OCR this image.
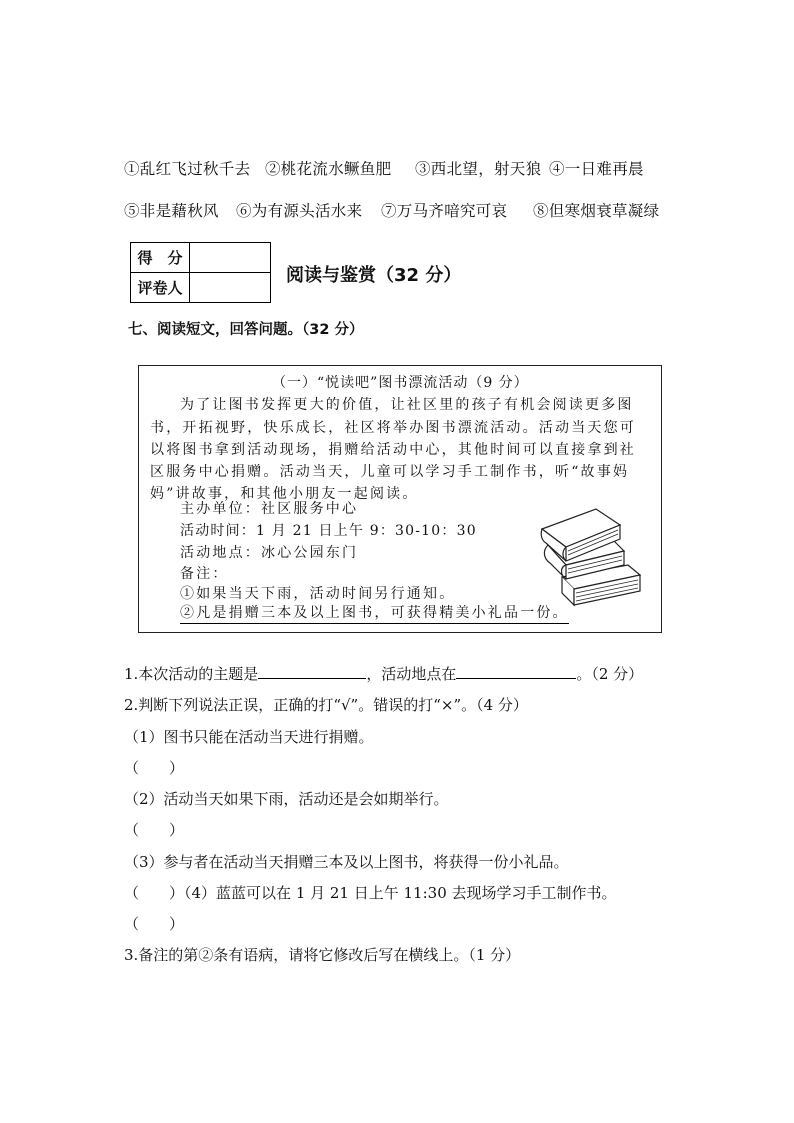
①乱红飞过秋千去 ②桃花流水鳜鱼肥 ③西北望，射天狼 ④一日难再晨
⑤非是藉秋风 ⑥为有源头活水来 ⑦万马齐喑究可哀 ⑧但寒烟衰草凝绿
得　分	
评卷人	
阅读与鉴赏（32 分）
七、阅读短文，回答问题。（32 分）
（一）“悦读吧”图书漂流活动（9 分）
为了让图书发挥更大的价值，让社区里的孩子有机会阅读更多图
书，开拓视野，快乐成长，社区将举办图书漂流活动。活动当天您可
以将图书拿到活动现场，捐赠给活动中心，其他时间可以直接拿到社
区服务中心捐赠。活动当天，儿童可以学习手工制作书，听“故事妈
妈”讲故事，和其他小朋友一起阅读。
主办单位：社区服务中心
活动时间：1 月 21 日上午 9：30-10：30
活动地点：冰心公园东门
备注：
①如果当天下雨，活动时间另行通知。
②凡是捐赠三本及以上图书，可获得精美小礼品一份。
1.本次活动的主题是	，活动地点在	。（2 分）
2.判断下列说法正误，正确的打“√”。错误的打“×”。（4 分）
（1）图书只能在活动当天进行捐赠。
（　　）
（2）活动当天如果下雨，活动还是会如期举行。
（　　）
（3）参与者在活动当天捐赠三本及以上图书，将获得一份小礼品。
（　　）（4）蓝蓝可以在 1 月 21 日上午 11:30 去现场学习手工制作书。
（　　）
3.备注的第②条有语病，请将它修改后写在横线上。（1 分）
